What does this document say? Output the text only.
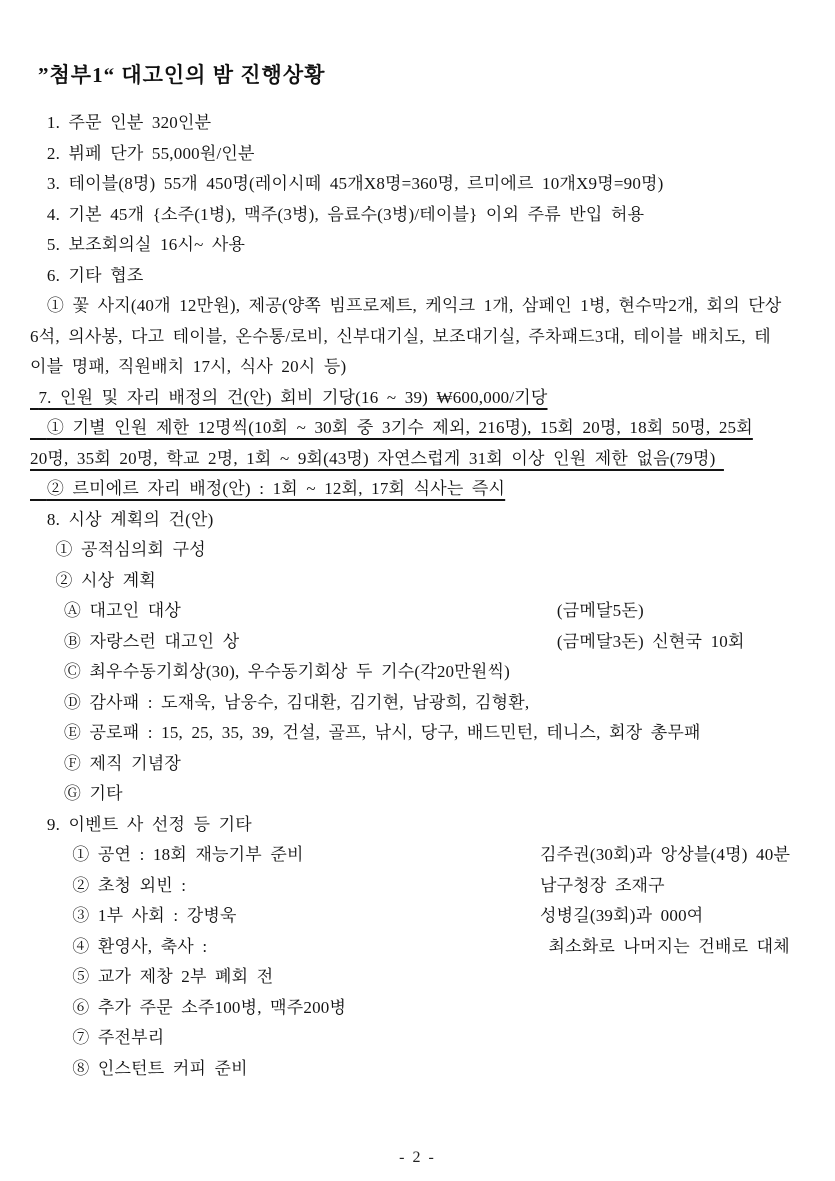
”첨부1“ 대고인의 밤 진행상황
1. 주문 인분 320인분
2. 뷔페 단가 55,000원/인분
3. 테이블(8명) 55개 450명(레이시떼 45개X8명=360명, 르미에르 10개X9명=90명)
4. 기본 45개 {소주(1병), 맥주(3병), 음료수(3병)/테이블} 이외 주류 반입 허용
5. 보조회의실 16시~ 사용
6. 기타 협조
① 꽃 사지(40개 12만원), 제공(양쪽 빔프로제트, 케익크 1개, 삼페인 1병, 현수막2개, 회의 단상
6석, 의사봉, 다고 테이블, 온수통/로비, 신부대기실, 보조대기실, 주차패드3대, 테이블 배치도, 테
이블 명패, 직원배치 17시, 식사 20시 등)
7. 인원 및 자리 배정의 건(안) 회비 기당(16 ~ 39) ₩600,000/기당
① 기별 인원 제한 12명씩(10회 ~ 30회 중 3기수 제외, 216명), 15회 20명, 18회 50명, 25회
20명, 35회 20명, 학교 2명, 1회 ~ 9회(43명) 자연스럽게 31회 이상 인원 제한 없음(79명)
② 르미에르 자리 배정(안) : 1회 ~ 12회, 17회 식사는 즉시
8. 시상 계획의 건(안)
① 공적심의회 구성
② 시상 계획
Ⓐ 대고인 대상	(금메달5돈)
Ⓑ 자랑스런 대고인 상	(금메달3돈) 신현국 10회
Ⓒ 최우수동기회상(30), 우수동기회상 두 기수(각20만원씩)
Ⓓ 감사패 : 도재욱, 남웅수, 김대환, 김기현, 남광희, 김형환,
Ⓔ 공로패 : 15, 25, 35, 39, 건설, 골프, 낚시, 당구, 배드민턴, 테니스, 회장 총무패
Ⓕ 제직 기념장
Ⓖ 기타
9. 이벤트 사 선정 등 기타
① 공연 : 18회 재능기부 준비	김주권(30회)과 앙상블(4명) 40분
② 초청 외빈 :	남구청장 조재구
③ 1부 사회 : 강병욱	성병길(39회)과 000여
④ 환영사, 축사 :	최소화로 나머지는 건배로 대체
⑤ 교가 제창 2부 폐회 전
⑥ 추가 주문 소주100병, 맥주200병
⑦ 주전부리
⑧ 인스턴트 커피 준비
- 2 -
